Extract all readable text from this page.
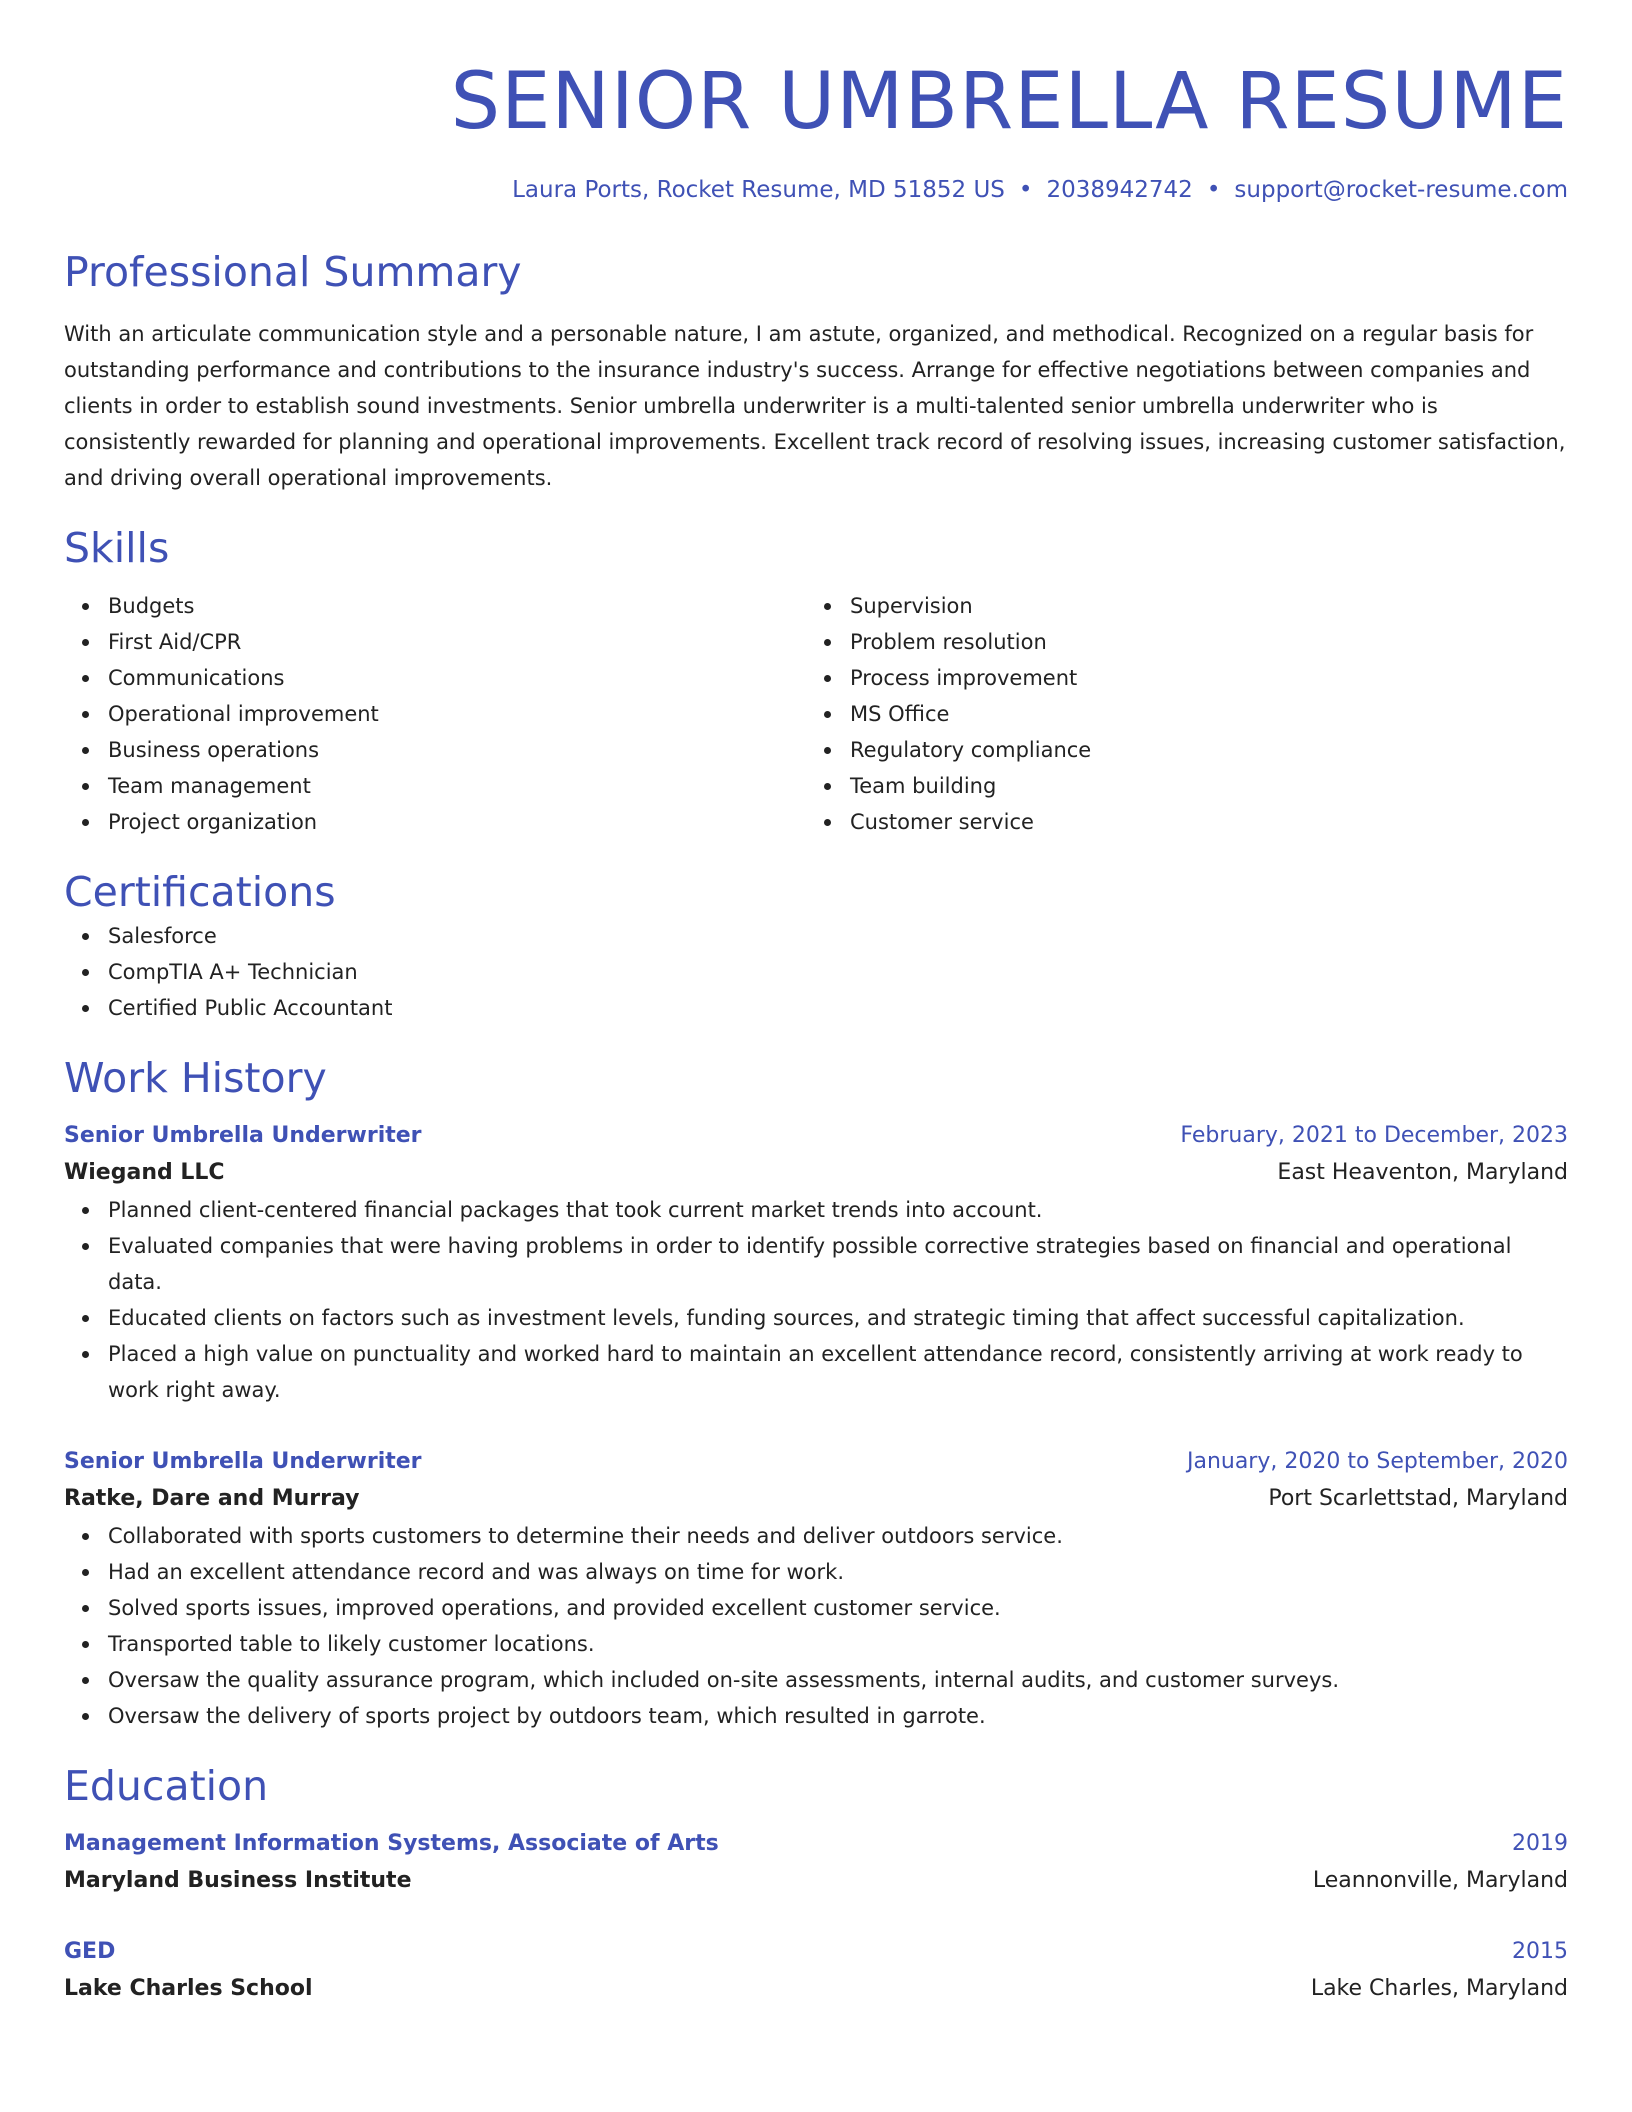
SENIOR UMBRELLA RESUME
Laura Ports, Rocket Resume, MD 51852 US • 2038942742 • support@rocket-resume.com
Professional Summary

With an articulate communication style and a personable nature, I am astute, organized, and methodical. Recognized on a regular basis for outstanding performance and contributions to the insurance industry's success. Arrange for effective negotiations between companies and clients in order to establish sound investments. Senior umbrella underwriter is a multi-talented senior umbrella underwriter who is consistently rewarded for planning and operational improvements. Excellent track record of resolving issues, increasing customer satisfaction, and driving overall operational improvements.

Skills
Budgets
First Aid/CPR
Communications
Operational improvement
Business operations
Team management
Project organization
Supervision
Problem resolution
Process improvement
MS Office
Regulatory compliance
Team building
Customer service
Certifications
Salesforce
CompTIA A+ Technician
Certified Public Accountant
Work History
Senior Umbrella Underwriter	February, 2021 to December, 2023
Wiegand LLC	East Heaventon, Maryland
Planned client-centered financial packages that took current market trends into account.
Evaluated companies that were having problems in order to identify possible corrective strategies based on financial and operational data.
Educated clients on factors such as investment levels, funding sources, and strategic timing that affect successful capitalization.
Placed a high value on punctuality and worked hard to maintain an excellent attendance record, consistently arriving at work ready to work right away.
Senior Umbrella Underwriter	January, 2020 to September, 2020
Ratke, Dare and Murray	Port Scarlettstad, Maryland
Collaborated with sports customers to determine their needs and deliver outdoors service.
Had an excellent attendance record and was always on time for work.
Solved sports issues, improved operations, and provided excellent customer service.
Transported table to likely customer locations.
Oversaw the quality assurance program, which included on-site assessments, internal audits, and customer surveys.
Oversaw the delivery of sports project by outdoors team, which resulted in garrote.
Education
Management Information Systems, Associate of Arts	2019
Maryland Business Institute	Leannonville, Maryland
GED	2015
Lake Charles School	Lake Charles, Maryland
